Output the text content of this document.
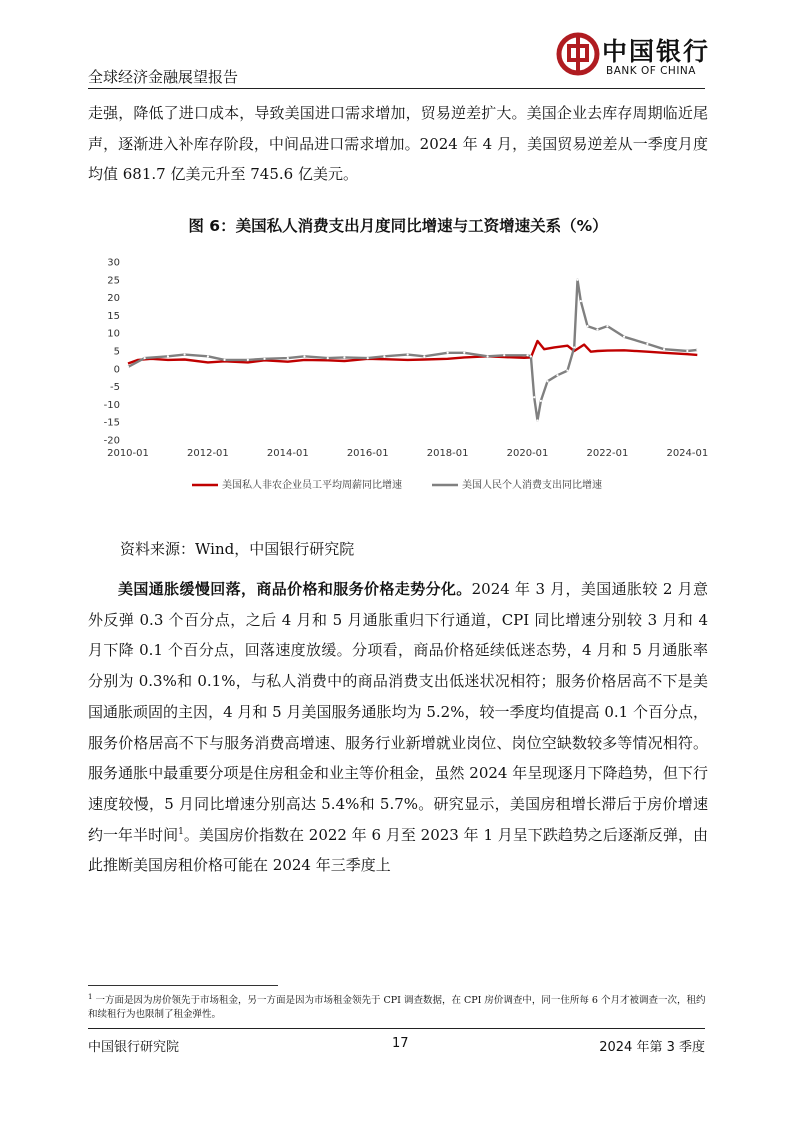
全球经济金融展望报告
中国银行
BANK OF CHINA

走强，降低了进口成本，导致美国进口需求增加，贸易逆差扩大。美国企业去库存周期临近尾声，逐渐进入补库存阶段，中间品进口需求增加。2024 年 4 月，美国贸易逆差从一季度月度均值 681.7 亿美元升至 745.6 亿美元。

图 6：美国私人消费支出月度同比增速与工资增速关系（%）
30
25
20
15
10
5
0
-5
-10
-15
-20
2010-01	2012-01	2014-01	2016-01	2018-01	2020-01	2022-01	2024-01
美国私人非农企业员工平均周薪同比增速	美国人民个人消费支出同比增速
资料来源：Wind，中国银行研究院

美国通胀缓慢回落，商品价格和服务价格走势分化。2024 年 3 月，美国通胀较 2 月意外反弹 0.3 个百分点，之后 4 月和 5 月通胀重归下行通道，CPI 同比增速分别较 3 月和 4 月下降 0.1 个百分点，回落速度放缓。分项看，商品价格延续低迷态势，4 月和 5 月通胀率分别为 0.3%和 0.1%，与私人消费中的商品消费支出低迷状况相符；服务价格居高不下是美国通胀顽固的主因，4 月和 5 月美国服务通胀均为 5.2%，较一季度均值提高 0.1 个百分点，服务价格居高不下与服务消费高增速、服务行业新增就业岗位、岗位空缺数较多等情况相符。服务通胀中最重要分项是住房租金和业主等价租金，虽然 2024 年呈现逐月下降趋势，但下行速度较慢，5 月同比增速分别高达 5.4%和 5.7%。研究显示，美国房租增长滞后于房价增速约一年半时间$^1$。美国房价指数在 2022 年 6 月至 2023 年 1 月呈下跌趋势之后逐渐反弹，由此推断美国房租价格可能在 2024 年三季度上

$^1$ 一方面是因为房价领先于市场租金，另一方面是因为市场租金领先于 CPI 调查数据，在 CPI 房价调查中，同一住所每 6 个月才被调查一次，租约和续租行为也限制了租金弹性。
中国银行研究院	17	2024 年第 3 季度
